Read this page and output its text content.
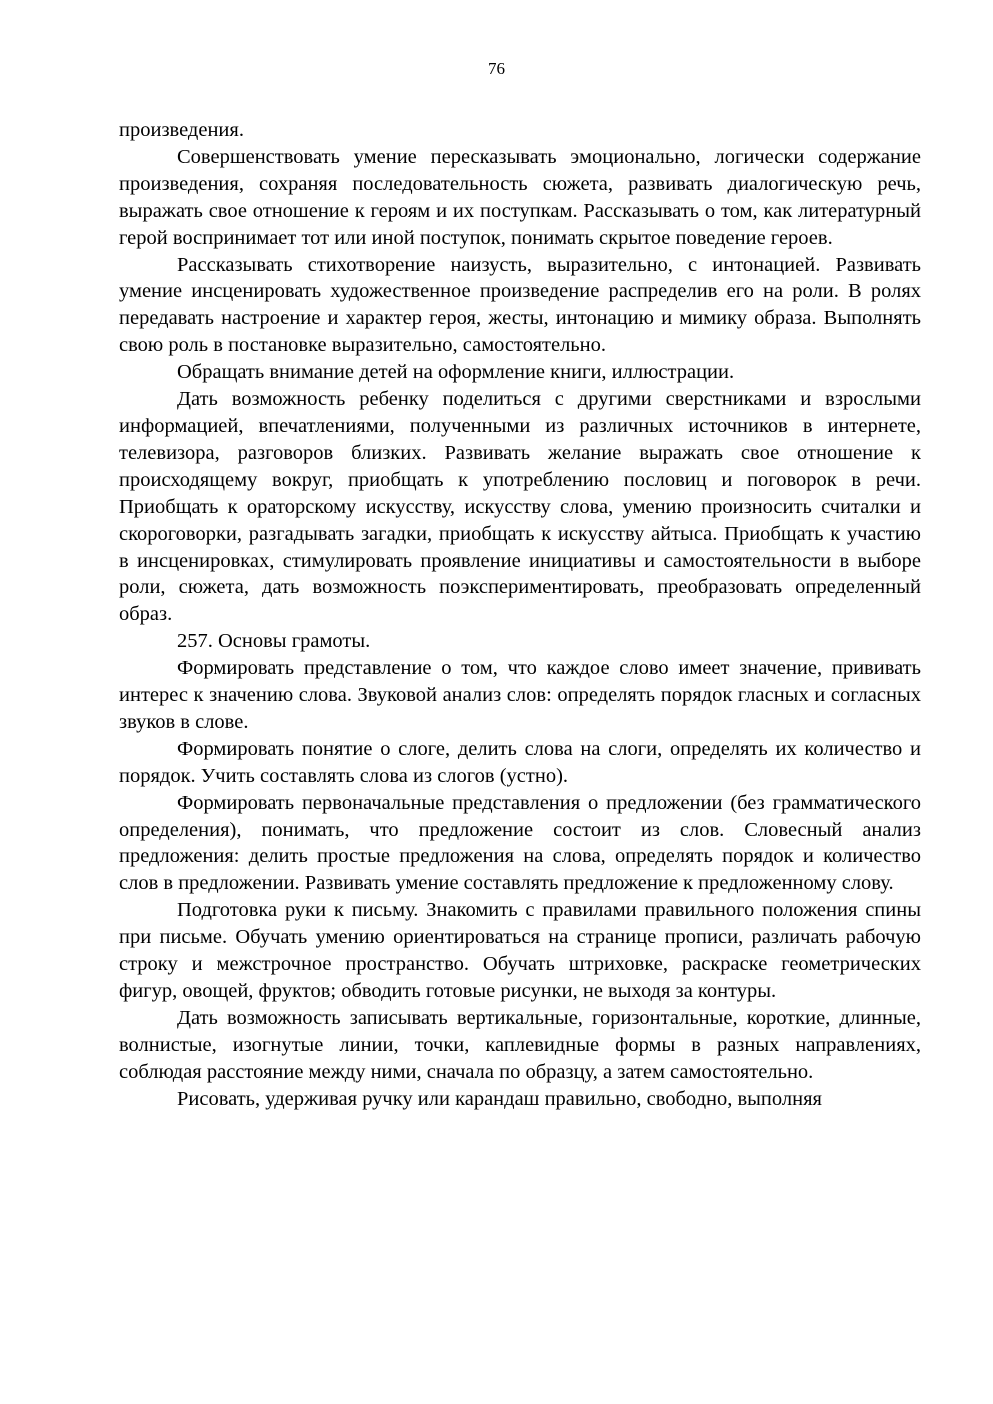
76

произведения.

Совершенствовать умение пересказывать эмоционально, логически содержание произведения, сохраняя последовательность сюжета, развивать диалогическую речь, выражать свое отношение к героям и их поступкам. Рассказывать о том, как литературный герой воспринимает тот или иной поступок, понимать скрытое поведение героев.

Рассказывать стихотворение наизусть, выразительно, с интонацией. Развивать умение инсценировать художественное произведение распределив его на роли. В ролях передавать настроение и характер героя, жесты, интонацию и мимику образа. Выполнять свою роль в постановке выразительно, самостоятельно.

Обращать внимание детей на оформление книги, иллюстрации.

Дать возможность ребенку поделиться с другими сверстниками и взрослыми информацией, впечатлениями, полученными из различных источников в интернете, телевизора, разговоров близких. Развивать желание выражать свое отношение к происходящему вокруг, приобщать к употреблению пословиц и поговорок в речи. Приобщать к ораторскому искусству, искусству слова, умению произносить считалки и скороговорки, разгадывать загадки, приобщать к искусству айтыса. Приобщать к участию в инсценировках, стимулировать проявление инициативы и самостоятельности в выборе роли, сюжета, дать возможность поэкспериментировать, преобразовать определенный образ.

257. Основы грамоты.

Формировать представление о том, что каждое слово имеет значение, прививать интерес к значению слова. Звуковой анализ слов: определять порядок гласных и согласных звуков в слове.

Формировать понятие о слоге, делить слова на слоги, определять их количество и порядок. Учить составлять слова из слогов (устно).

Формировать первоначальные представления о предложении (без грамматического определения), понимать, что предложение состоит из слов. Словесный анализ предложения: делить простые предложения на слова, определять порядок и количество слов в предложении. Развивать умение составлять предложение к предложенному слову.

Подготовка руки к письму. Знакомить с правилами правильного положения спины при письме. Обучать умению ориентироваться на странице прописи, различать рабочую строку и межстрочное пространство. Обучать штриховке, раскраске геометрических фигур, овощей, фруктов; обводить готовые рисунки, не выходя за контуры.

Дать возможность записывать вертикальные, горизонтальные, короткие, длинные, волнистые, изогнутые линии, точки, каплевидные формы в разных направлениях, соблюдая расстояние между ними, сначала по образцу, а затем самостоятельно.

Рисовать, удерживая ручку или карандаш правильно, свободно, выполняя
